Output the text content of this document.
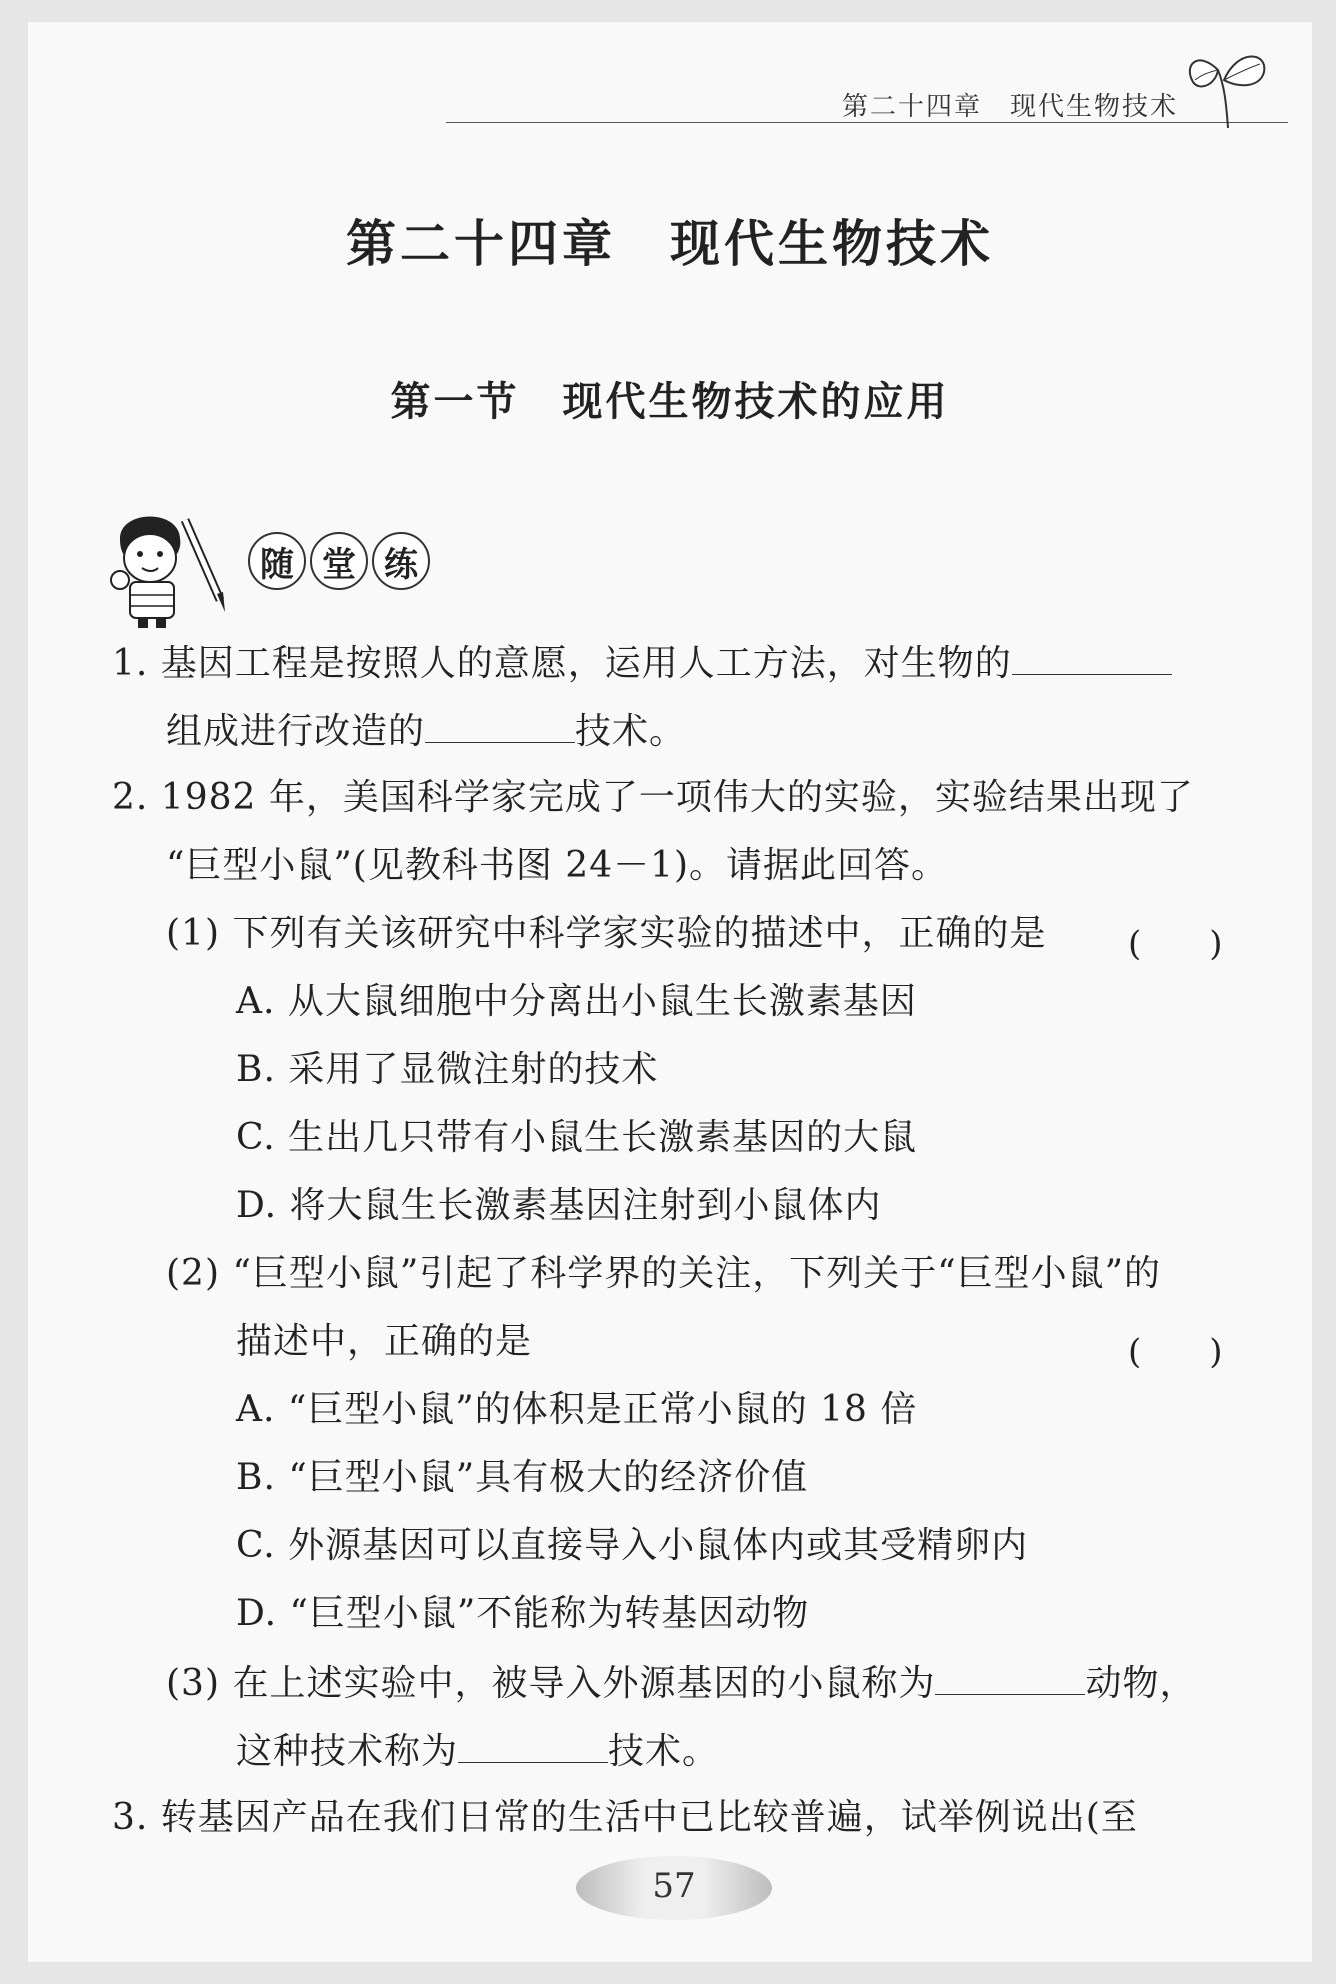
第二十四章　现代生物技术
第二十四章　现代生物技术
第一节　现代生物技术的应用
随 堂 练
1. 基因工程是按照人的意愿，运用人工方法，对生物的
组成进行改造的	技术。
2. 1982 年，美国科学家完成了一项伟大的实验，实验结果出现了
“巨型小鼠”(见教科书图 24－1)。请据此回答。
(1) 下列有关该研究中科学家实验的描述中，正确的是 (　　)
A. 从大鼠细胞中分离出小鼠生长激素基因
B. 采用了显微注射的技术
C. 生出几只带有小鼠生长激素基因的大鼠
D. 将大鼠生长激素基因注射到小鼠体内
(2) “巨型小鼠”引起了科学界的关注，下列关于“巨型小鼠”的
描述中，正确的是	(　　)
A. “巨型小鼠”的体积是正常小鼠的 18 倍
B. “巨型小鼠”具有极大的经济价值
C. 外源基因可以直接导入小鼠体内或其受精卵内
D. “巨型小鼠”不能称为转基因动物
(3) 在上述实验中，被导入外源基因的小鼠称为	动物，
这种技术称为	技术。
3. 转基因产品在我们日常的生活中已比较普遍，试举例说出(至
57
